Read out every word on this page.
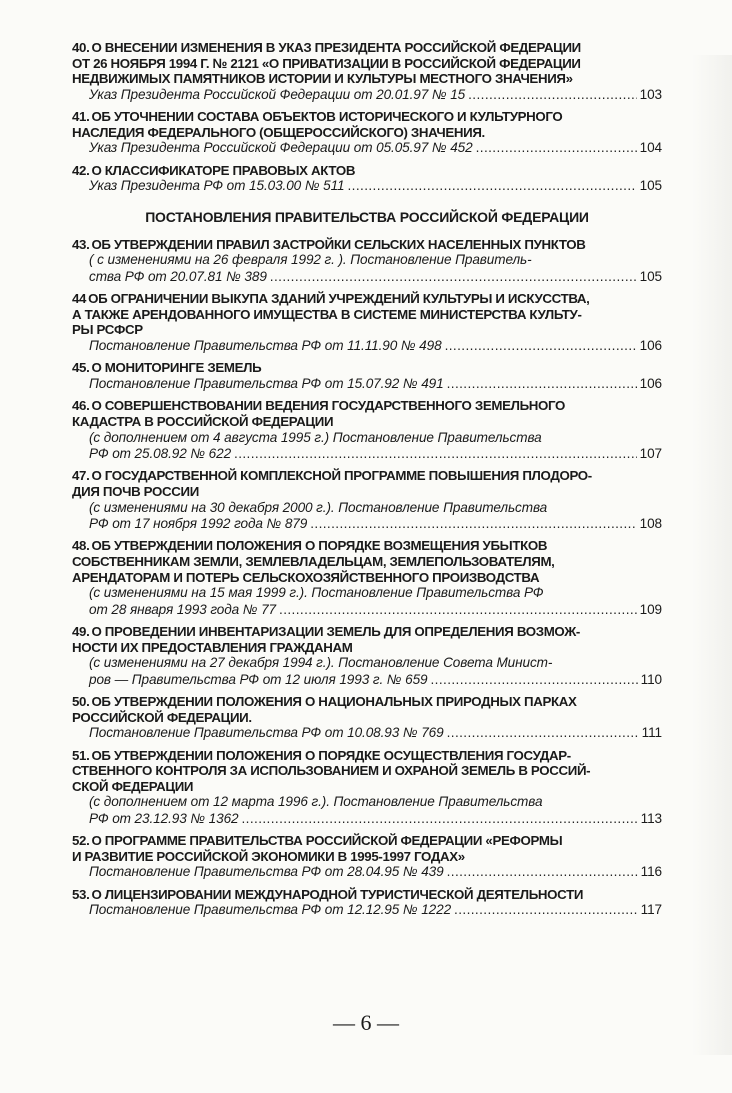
40. О ВНЕСЕНИИ ИЗМЕНЕНИЯ В УКАЗ ПРЕЗИДЕНТА РОССИЙСКОЙ ФЕДЕРАЦИИ
ОТ 26 НОЯБРЯ 1994 Г. № 2121 «О ПРИВАТИЗАЦИИ В РОССИЙСКОЙ ФЕДЕРАЦИИ
НЕДВИЖИМЫХ ПАМЯТНИКОВ ИСТОРИИ И КУЛЬТУРЫ МЕСТНОГО ЗНАЧЕНИЯ»
Указ Президента Российской Федерации от 20.01.97 № 15 .....	103
41. ОБ УТОЧНЕНИИ СОСТАВА ОБЪЕКТОВ ИСТОРИЧЕСКОГО И КУЛЬТУРНОГО
НАСЛЕДИЯ ФЕДЕРАЛЬНОГО (ОБЩЕРОССИЙСКОГО) ЗНАЧЕНИЯ.
Указ Президента Российской Федерации от 05.05.97 № 452 .....	104
42. О КЛАССИФИКАТОРЕ ПРАВОВЫХ АКТОВ
Указ Президента РФ от 15.03.00 № 511 .....	105
ПОСТАНОВЛЕНИЯ ПРАВИТЕЛЬСТВА РОССИЙСКОЙ ФЕДЕРАЦИИ
43. ОБ УТВЕРЖДЕНИИ ПРАВИЛ ЗАСТРОЙКИ СЕЛЬСКИХ НАСЕЛЕННЫХ ПУНКТОВ
( с изменениями на 26 февраля 1992 г. ). Постановление Правитель-
ства РФ от 20.07.81 № 389 .....	105
44 ОБ ОГРАНИЧЕНИИ ВЫКУПА ЗДАНИЙ УЧРЕЖДЕНИЙ КУЛЬТУРЫ И ИСКУССТВА,
А ТАКЖЕ АРЕНДОВАННОГО ИМУЩЕСТВА В СИСТЕМЕ МИНИСТЕРСТВА КУЛЬТУ-
РЫ РСФСР
Постановление Правительства РФ от 11.11.90 № 498 .....	106
45. О МОНИТОРИНГЕ ЗЕМЕЛЬ
Постановление Правительства РФ от 15.07.92 № 491 .....	106
46. О СОВЕРШЕНСТВОВАНИИ ВЕДЕНИЯ ГОСУДАРСТВЕННОГО ЗЕМЕЛЬНОГО
КАДАСТРА В РОССИЙСКОЙ ФЕДЕРАЦИИ
(с дополнением от 4 августа 1995 г.) Постановление Правительства
РФ от 25.08.92 № 622 .....	107
47. О ГОСУДАРСТВЕННОЙ КОМПЛЕКСНОЙ ПРОГРАММЕ ПОВЫШЕНИЯ ПЛОДОРО-
ДИЯ ПОЧВ РОССИИ
(с изменениями на 30 декабря 2000 г.). Постановление Правительства
РФ от 17 ноября 1992 года № 879 .....	108
48. ОБ УТВЕРЖДЕНИИ ПОЛОЖЕНИЯ О ПОРЯДКЕ ВОЗМЕЩЕНИЯ УБЫТКОВ
СОБСТВЕННИКАМ ЗЕМЛИ, ЗЕМЛЕВЛАДЕЛЬЦАМ, ЗЕМЛЕПОЛЬЗОВАТЕЛЯМ,
АРЕНДАТОРАМ И ПОТЕРЬ СЕЛЬСКОХОЗЯЙСТВЕННОГО ПРОИЗВОДСТВА
(с изменениями на 15 мая 1999 г.). Постановление Правительства РФ
от 28 января 1993 года № 77 .....	109
49. О ПРОВЕДЕНИИ ИНВЕНТАРИЗАЦИИ ЗЕМЕЛЬ ДЛЯ ОПРЕДЕЛЕНИЯ ВОЗМОЖ-
НОСТИ ИХ ПРЕДОСТАВЛЕНИЯ ГРАЖДАНАМ
(с изменениями на 27 декабря 1994 г.). Постановление Совета Минист-
ров — Правительства РФ от 12 июля 1993 г. № 659 .....	110
50. ОБ УТВЕРЖДЕНИИ ПОЛОЖЕНИЯ О НАЦИОНАЛЬНЫХ ПРИРОДНЫХ ПАРКАХ
РОССИЙСКОЙ ФЕДЕРАЦИИ.
Постановление Правительства РФ от 10.08.93 № 769 .....	111
51. ОБ УТВЕРЖДЕНИИ ПОЛОЖЕНИЯ О ПОРЯДКЕ ОСУЩЕСТВЛЕНИЯ ГОСУДАР-
СТВЕННОГО КОНТРОЛЯ ЗА ИСПОЛЬЗОВАНИЕМ И ОХРАНОЙ ЗЕМЕЛЬ В РОССИЙ-
СКОЙ ФЕДЕРАЦИИ
(с дополнением от 12 марта 1996 г.). Постановление Правительства
РФ от 23.12.93 № 1362 .....	113
52. О ПРОГРАММЕ ПРАВИТЕЛЬСТВА РОССИЙСКОЙ ФЕДЕРАЦИИ «РЕФОРМЫ
И РАЗВИТИЕ РОССИЙСКОЙ ЭКОНОМИКИ В 1995-1997 ГОДАХ»
Постановление Правительства РФ от 28.04.95 № 439 .....	116
53. О ЛИЦЕНЗИРОВАНИИ МЕЖДУНАРОДНОЙ ТУРИСТИЧЕСКОЙ ДЕЯТЕЛЬНОСТИ
Постановление Правительства РФ от 12.12.95 № 1222 .....	117
— 6 —
